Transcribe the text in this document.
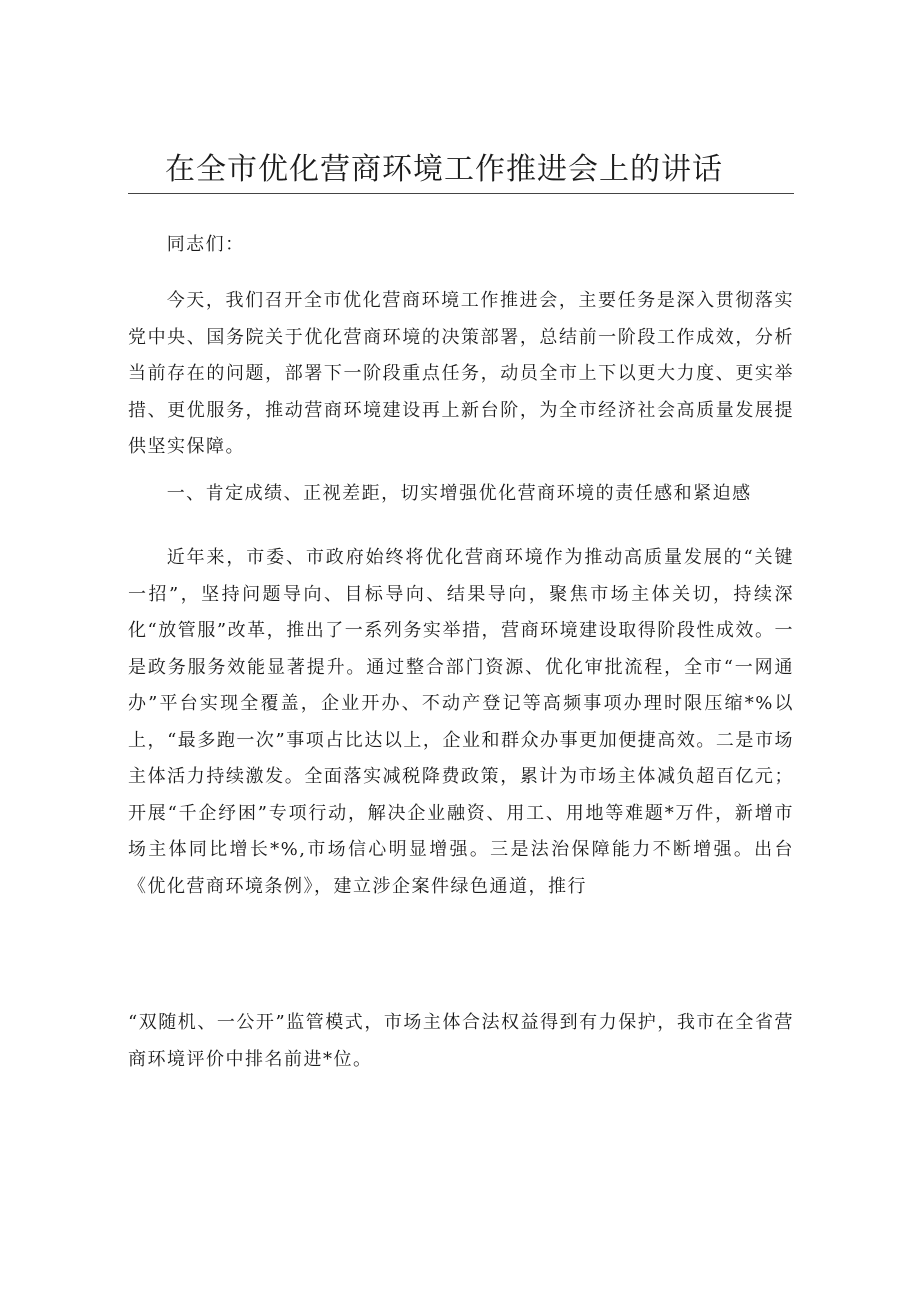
在全市优化营商环境工作推进会上的讲话

同志们：

今天，我们召开全市优化营商环境工作推进会，主要任务是深入贯彻落实党中央、国务院关于优化营商环境的决策部署，总结前一阶段工作成效，分析当前存在的问题，部署下一阶段重点任务，动员全市上下以更大力度、更实举措、更优服务，推动营商环境建设再上新台阶，为全市经济社会高质量发展提供坚实保障。

一、肯定成绩、正视差距，切实增强优化营商环境的责任感和紧迫感

近年来，市委、市政府始终将优化营商环境作为推动高质量发展的“关键一招”，坚持问题导向、目标导向、结果导向，聚焦市场主体关切，持续深化“放管服”改革，推出了一系列务实举措，营商环境建设取得阶段性成效。一是政务服务效能显著提升。通过整合部门资源、优化审批流程，全市“一网通办”平台实现全覆盖，企业开办、不动产登记等高频事项办理时限压缩*%以上，“最多跑一次”事项占比达以上，企业和群众办事更加便捷高效。二是市场主体活力持续激发。全面落实减税降费政策，累计为市场主体减负超百亿元；开展“千企纾困”专项行动，解决企业融资、用工、用地等难题*万件，新增市场主体同比增长*%,市场信心明显增强。三是法治保障能力不断增强。出台《优化营商环境条例》，建立涉企案件绿色通道，推行

“双随机、一公开”监管模式，市场主体合法权益得到有力保护，我市在全省营商环境评价中排名前进*位。
